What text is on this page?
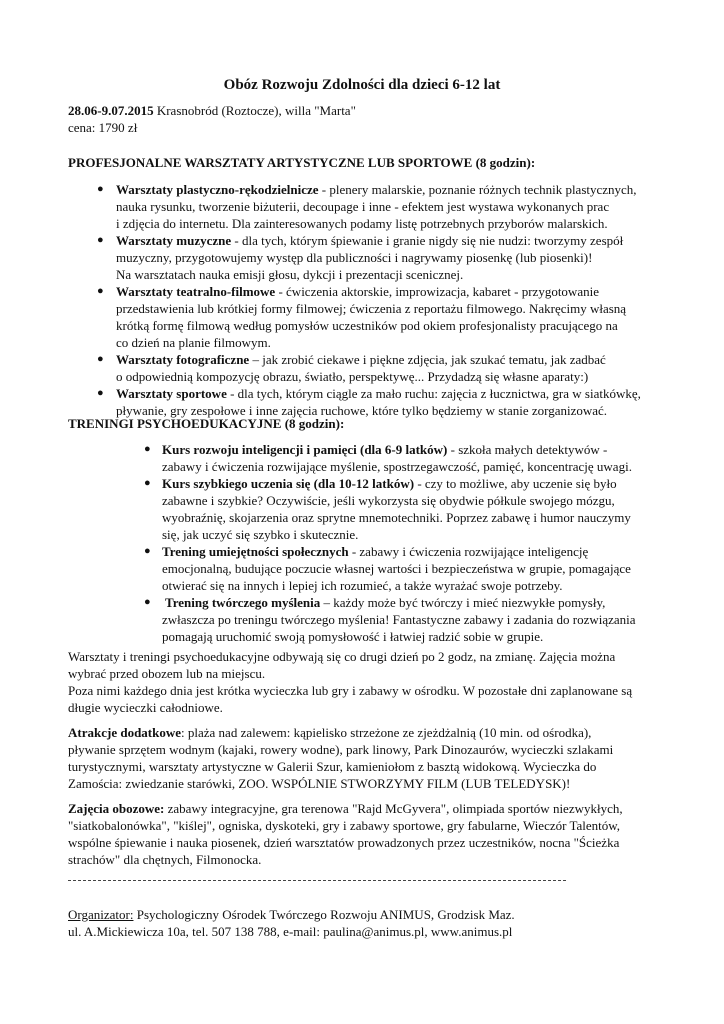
Obóz Rozwoju Zdolności dla dzieci 6-12 lat

28.06-9.07.2015 Krasnobród (Roztocze), willa "Marta"

cena: 1790 zł

PROFESJONALNE WARSZTATY ARTYSTYCZNE LUB SPORTOWE (8 godzin):
● Warsztaty plastyczno-rękodzielnicze - plenery malarskie, poznanie różnych technik plastycznych,
nauka rysunku, tworzenie biżuterii, decoupage i inne - efektem jest wystawa wykonanych prac
i zdjęcia do internetu. Dla zainteresowanych podamy listę potrzebnych przyborów malarskich.
● Warsztaty muzyczne - dla tych, którym śpiewanie i granie nigdy się nie nudzi: tworzymy zespół
muzyczny, przygotowujemy występ dla publiczności i nagrywamy piosenkę (lub piosenki)!
Na warsztatach nauka emisji głosu, dykcji i prezentacji scenicznej.
● Warsztaty teatralno-filmowe - ćwiczenia aktorskie, improwizacja, kabaret - przygotowanie
przedstawienia lub krótkiej formy filmowej; ćwiczenia z reportażu filmowego. Nakręcimy własną
krótką formę filmową według pomysłów uczestników pod okiem profesjonalisty pracującego na
co dzień na planie filmowym.
● Warsztaty fotograficzne – jak zrobić ciekawe i piękne zdjęcia, jak szukać tematu, jak zadbać
o odpowiednią kompozycję obrazu, światło, perspektywę... Przydadzą się własne aparaty:)
● Warsztaty sportowe - dla tych, którym ciągle za mało ruchu: zajęcia z łucznictwa, gra w siatkówkę,
pływanie, gry zespołowe i inne zajęcia ruchowe, które tylko będziemy w stanie zorganizować.
TRENINGI PSYCHOEDUKACYJNE (8 godzin):
● Kurs rozwoju inteligencji i pamięci (dla 6-9 latków) - szkoła małych detektywów -
zabawy i ćwiczenia rozwijające myślenie, spostrzegawczość, pamięć, koncentrację uwagi.
● Kurs szybkiego uczenia się (dla 10-12 latków) - czy to możliwe, aby uczenie się było
zabawne i szybkie? Oczywiście, jeśli wykorzysta się obydwie półkule swojego mózgu,
wyobraźnię, skojarzenia oraz sprytne mnemotechniki. Poprzez zabawę i humor nauczymy
się, jak uczyć się szybko i skutecznie.
● Trening umiejętności społecznych - zabawy i ćwiczenia rozwijające inteligencję
emocjonalną, budujące poczucie własnej wartości i bezpieczeństwa w grupie, pomagające
otwierać się na innych i lepiej ich rozumieć, a także wyrażać swoje potrzeby.
● Trening twórczego myślenia – każdy może być twórczy i mieć niezwykłe pomysły,
zwłaszcza po treningu twórczego myślenia! Fantastyczne zabawy i zadania do rozwiązania
pomagają uruchomić swoją pomysłowość i łatwiej radzić sobie w grupie.
Warsztaty i treningi psychoedukacyjne odbywają się co drugi dzień po 2 godz, na zmianę. Zajęcia można
wybrać przed obozem lub na miejscu.
Poza nimi każdego dnia jest krótka wycieczka lub gry i zabawy w ośrodku. W pozostałe dni zaplanowane są
długie wycieczki całodniowe.
Atrakcje dodatkowe: plaża nad zalewem: kąpielisko strzeżone ze zjeżdżalnią (10 min. od ośrodka),
pływanie sprzętem wodnym (kajaki, rowery wodne), park linowy, Park Dinozaurów, wycieczki szlakami
turystycznymi, warsztaty artystyczne w Galerii Szur, kamieniołom z basztą widokową. Wycieczka do
Zamościa: zwiedzanie starówki, ZOO. WSPÓLNIE STWORZYMY FILM (LUB TELEDYSK)!
Zajęcia obozowe: zabawy integracyjne, gra terenowa "Rajd McGyvera", olimpiada sportów niezwykłych,
"siatkobalonówka", "kiślej", ogniska, dyskoteki, gry i zabawy sportowe, gry fabularne, Wieczór Talentów,
wspólne śpiewanie i nauka piosenek, dzień warsztatów prowadzonych przez uczestników, nocna "Ścieżka
strachów" dla chętnych, Filmonocka.

Organizator: Psychologiczny Ośrodek Twórczego Rozwoju ANIMUS, Grodzisk Maz.

ul. A.Mickiewicza 10a, tel. 507 138 788, e-mail: paulina@animus.pl, www.animus.pl
